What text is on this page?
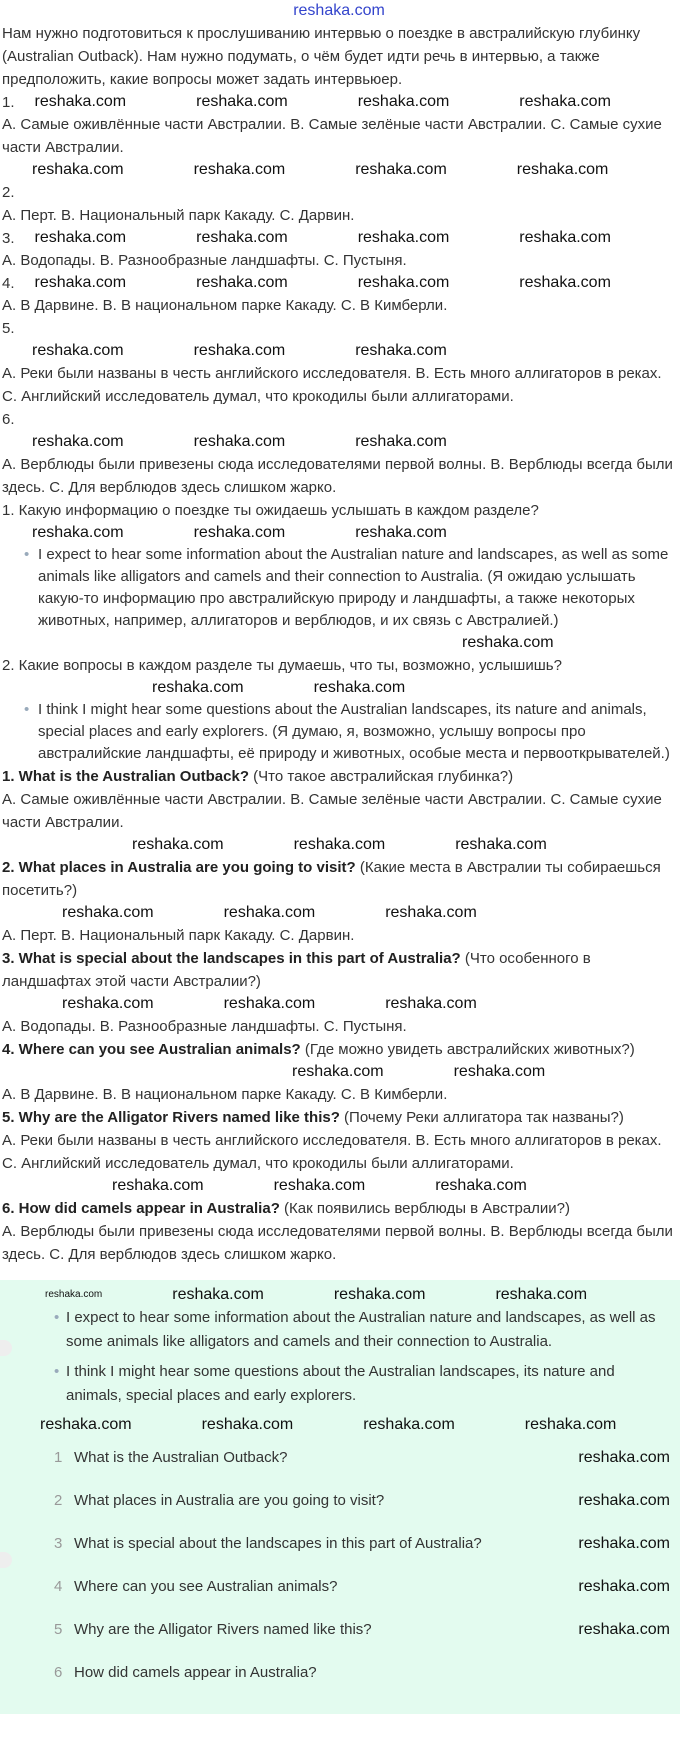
reshaka.com
Нам нужно подготовиться к прослушиванию интервью о поездке в австралийскую глубинку (Australian Outback). Нам нужно подумать, о чём будет идти речь в интервью, а также предположить, какие вопросы может задать интервьюер.
1. reshaka.com	reshaka.com	reshaka.com	reshaka.com
A. Самые оживлённые части Австралии. B. Самые зелёные части Австралии. C. Самые сухие части Австралии.
reshaka.com	reshaka.com	reshaka.com	reshaka.com
2.
A. Перт. B. Национальный парк Какаду. C. Дарвин.
3. reshaka.com	reshaka.com	reshaka.com	reshaka.com
A. Водопады. B. Разнообразные ландшафты. C. Пустыня.
4. reshaka.com	reshaka.com	reshaka.com	reshaka.com
A. В Дарвине. B. В национальном парке Какаду. C. В Кимберли.
5.
reshaka.com	reshaka.com	reshaka.com
A. Реки были названы в честь английского исследователя. B. Есть много аллигаторов в реках. C. Английский исследователь думал, что крокодилы были аллигаторами.
6.
reshaka.com	reshaka.com	reshaka.com
A. Верблюды были привезены сюда исследователями первой волны. B. Верблюды всегда были здесь. C. Для верблюдов здесь слишком жарко.
1. Какую информацию о поездке ты ожидаешь услышать в каждом разделе?
reshaka.com	reshaka.com	reshaka.com
• I expect to hear some information about the Australian nature and landscapes, as well as some animals like alligators and camels and their connection to Australia. (Я ожидаю услышать какую-то информацию про австралийскую природу и ландшафты, а также некоторых животных, например, аллигаторов и верблюдов, и их связь с Австралией.)
reshaka.com
2. Какие вопросы в каждом разделе ты думаешь, что ты, возможно, услышишь?
reshaka.com	reshaka.com
• I think I might hear some questions about the Australian landscapes, its nature and animals, special places and early explorers. (Я думаю, я, возможно, услышу вопросы про австралийские ландшафты, её природу и животных, особые места и первооткрывателей.)
1. What is the Australian Outback? (Что такое австралийская глубинка?)
A. Самые оживлённые части Австралии. B. Самые зелёные части Австралии. C. Самые сухие части Австралии.
reshaka.com	reshaka.com	reshaka.com
2. What places in Australia are you going to visit? (Какие места в Австралии ты собираешься посетить?)
reshaka.com	reshaka.com	reshaka.com
A. Перт. B. Национальный парк Какаду. C. Дарвин.
3. What is special about the landscapes in this part of Australia? (Что особенного в ландшафтах этой части Австралии?)
reshaka.com	reshaka.com	reshaka.com
A. Водопады. B. Разнообразные ландшафты. C. Пустыня.
4. Where can you see Australian animals? (Где можно увидеть австралийских животных?)
reshaka.com	reshaka.com
A. В Дарвине. B. В национальном парке Какаду. C. В Кимберли.
5. Why are the Alligator Rivers named like this? (Почему Реки аллигатора так названы?)
A. Реки были названы в честь английского исследователя. B. Есть много аллигаторов в реках. C. Английский исследователь думал, что крокодилы были аллигаторами.
reshaka.com	reshaka.com	reshaka.com
6. How did camels appear in Australia? (Как появились верблюды в Австралии?)
A. Верблюды были привезены сюда исследователями первой волны. B. Верблюды всегда были здесь. C. Для верблюдов здесь слишком жарко.
reshaka.com	reshaka.com	reshaka.com	reshaka.com
• I expect to hear some information about the Australian nature and landscapes, as well as some animals like alligators and camels and their connection to Australia.
• I think I might hear some questions about the Australian landscapes, its nature and animals, special places and early explorers.
reshaka.com	reshaka.com	reshaka.com	reshaka.com
1 What is the Australian Outback?	reshaka.com
2 What places in Australia are you going to visit?	reshaka.com
3 What is special about the landscapes in this part of Australia?	reshaka.com
4 Where can you see Australian animals?	reshaka.com
5 Why are the Alligator Rivers named like this?	reshaka.com
6 How did camels appear in Australia?
